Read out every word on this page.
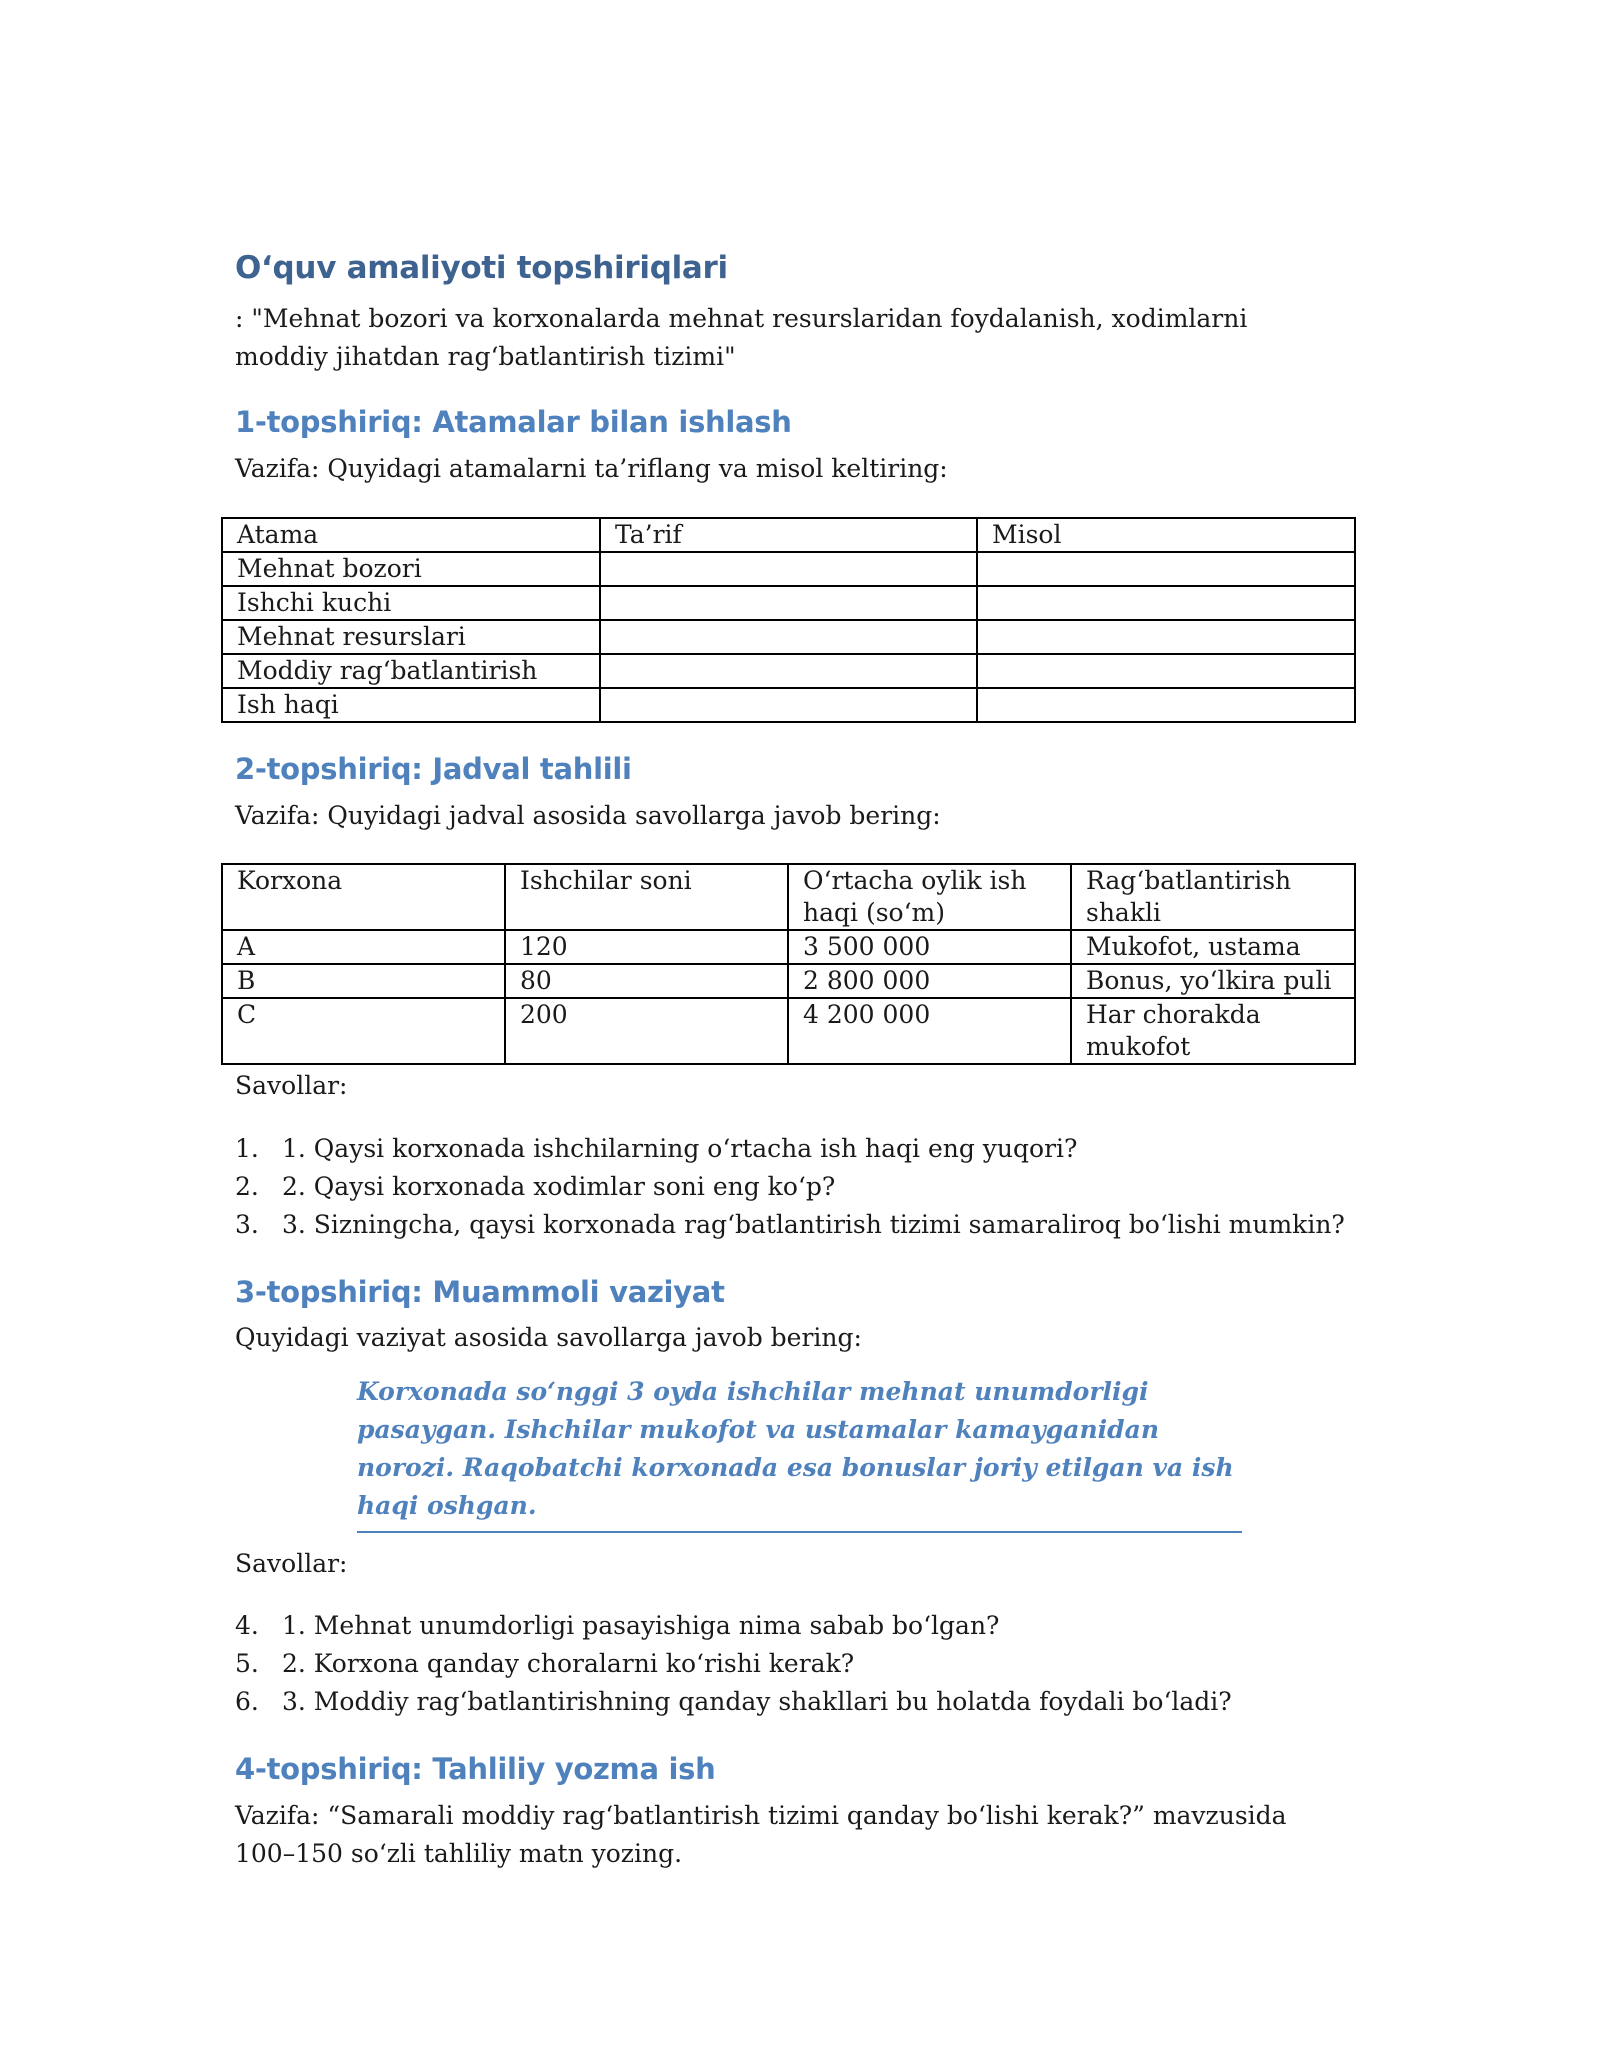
O‘quv amaliyoti topshiriqlari
: "Mehnat bozori va korxonalarda mehnat resurslaridan foydalanish, xodimlarni moddiy jihatdan rag‘batlantirish tizimi"
1-topshiriq: Atamalar bilan ishlash
Vazifa: Quyidagi atamalarni ta’riflang va misol keltiring:
Atama	Ta’rif	Misol
Mehnat bozori		
Ishchi kuchi		
Mehnat resurslari		
Moddiy rag‘batlantirish		
Ish haqi		
2-topshiriq: Jadval tahlili
Vazifa: Quyidagi jadval asosida savollarga javob bering:
Korxona	Ishchilar soni	O‘rtacha oylik ish haqi (so‘m)	Rag‘batlantirish shakli
A	120	3 500 000	Mukofot, ustama
B	80	2 800 000	Bonus, yo‘lkira puli
C	200	4 200 000	Har chorakda mukofot
Savollar:
1. 1. Qaysi korxonada ishchilarning o‘rtacha ish haqi eng yuqori?
2. 2. Qaysi korxonada xodimlar soni eng ko‘p?
3. 3. Sizningcha, qaysi korxonada rag‘batlantirish tizimi samaraliroq bo‘lishi mumkin?
3-topshiriq: Muammoli vaziyat
Quyidagi vaziyat asosida savollarga javob bering:
Korxonada so‘nggi 3 oyda ishchilar mehnat unumdorligi pasaygan. Ishchilar mukofot va ustamalar kamayganidan norozi. Raqobatchi korxonada esa bonuslar joriy etilgan va ish haqi oshgan.
Savollar:
4. 1. Mehnat unumdorligi pasayishiga nima sabab bo‘lgan?
5. 2. Korxona qanday choralarni ko‘rishi kerak?
6. 3. Moddiy rag‘batlantirishning qanday shakllari bu holatda foydali bo‘ladi?
4-topshiriq: Tahliliy yozma ish
Vazifa: “Samarali moddiy rag‘batlantirish tizimi qanday bo‘lishi kerak?” mavzusida 100–150 so‘zli tahliliy matn yozing.
